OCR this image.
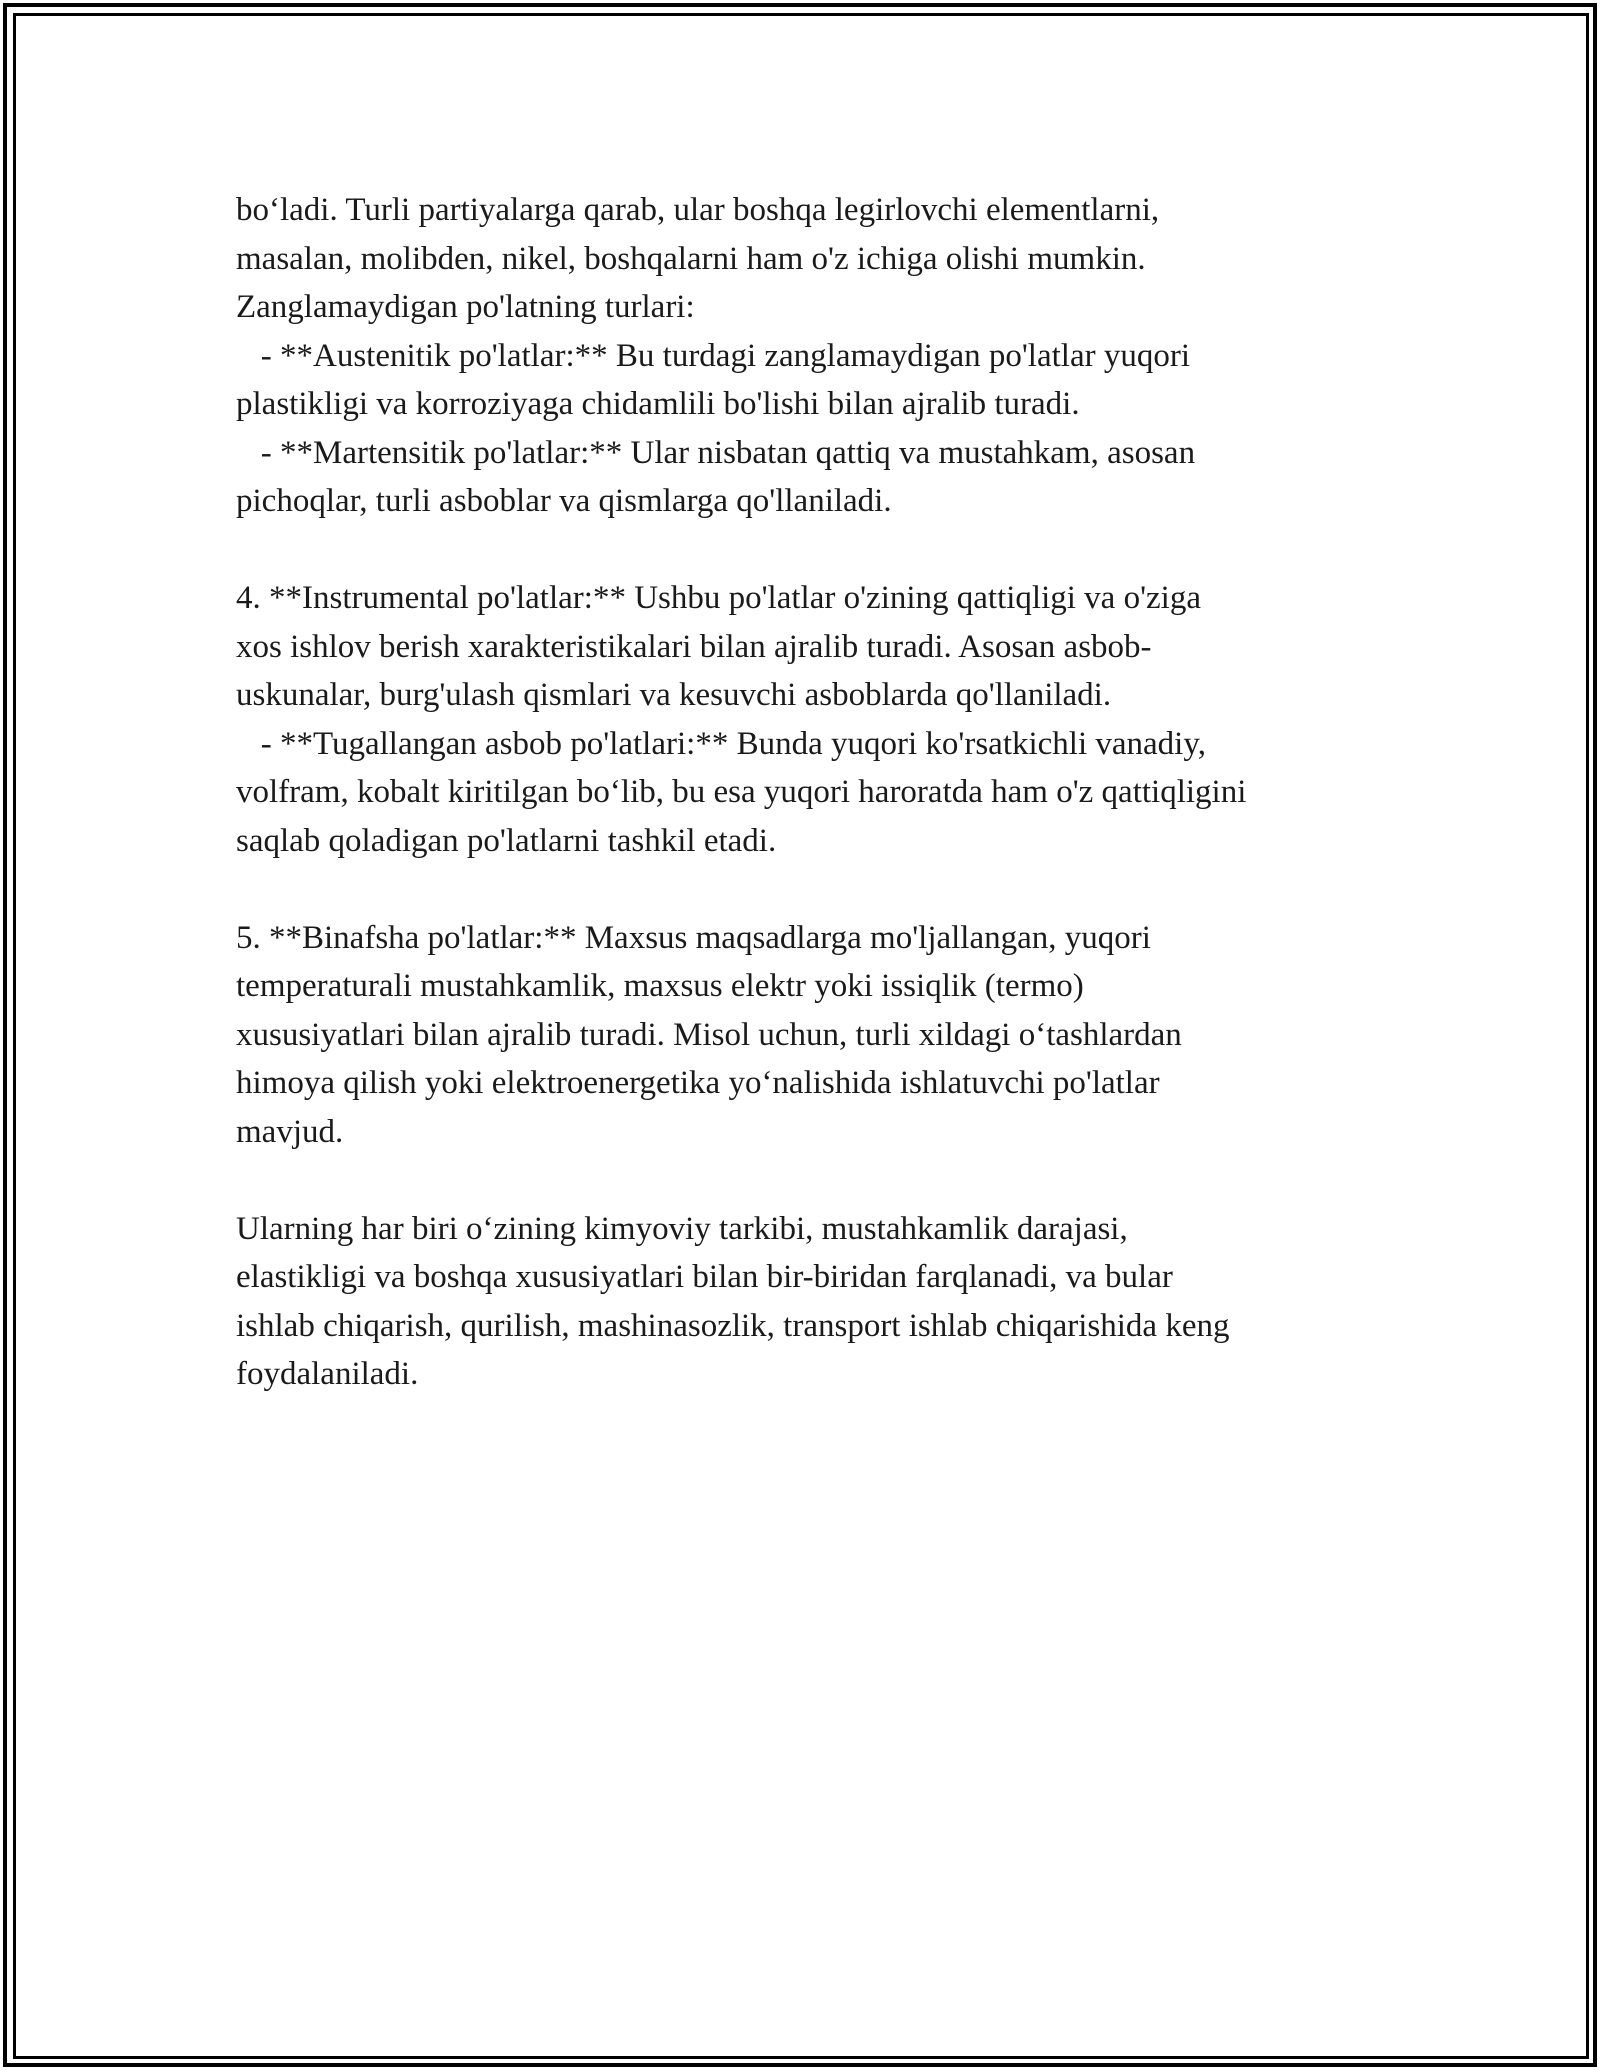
bo‘ladi. Turli partiyalarga qarab, ular boshqa legirlovchi elementlarni,
masalan, molibden, nikel, boshqalarni ham o'z ichiga olishi mumkin.
Zanglamaydigan po'latning turlari:
- **Austenitik po'latlar:** Bu turdagi zanglamaydigan po'latlar yuqori
plastikligi va korroziyaga chidamlili bo'lishi bilan ajralib turadi.
- **Martensitik po'latlar:** Ular nisbatan qattiq va mustahkam, asosan
pichoqlar, turli asboblar va qismlarga qo'llaniladi.
4. **Instrumental po'latlar:** Ushbu po'latlar o'zining qattiqligi va o'ziga
xos ishlov berish xarakteristikalari bilan ajralib turadi. Asosan asbob-
uskunalar, burg'ulash qismlari va kesuvchi asboblarda qo'llaniladi.
- **Tugallangan asbob po'latlari:** Bunda yuqori ko'rsatkichli vanadiy,
volfram, kobalt kiritilgan bo‘lib, bu esa yuqori haroratda ham o'z qattiqligini
saqlab qoladigan po'latlarni tashkil etadi.
5. **Binafsha po'latlar:** Maxsus maqsadlarga mo'ljallangan, yuqori
temperaturali mustahkamlik, maxsus elektr yoki issiqlik (termo)
xususiyatlari bilan ajralib turadi. Misol uchun, turli xildagi o‘tashlardan
himoya qilish yoki elektroenergetika yo‘nalishida ishlatuvchi po'latlar
mavjud.
Ularning har biri o‘zining kimyoviy tarkibi, mustahkamlik darajasi,
elastikligi va boshqa xususiyatlari bilan bir-biridan farqlanadi, va bular
ishlab chiqarish, qurilish, mashinasozlik, transport ishlab chiqarishida keng
foydalaniladi.
